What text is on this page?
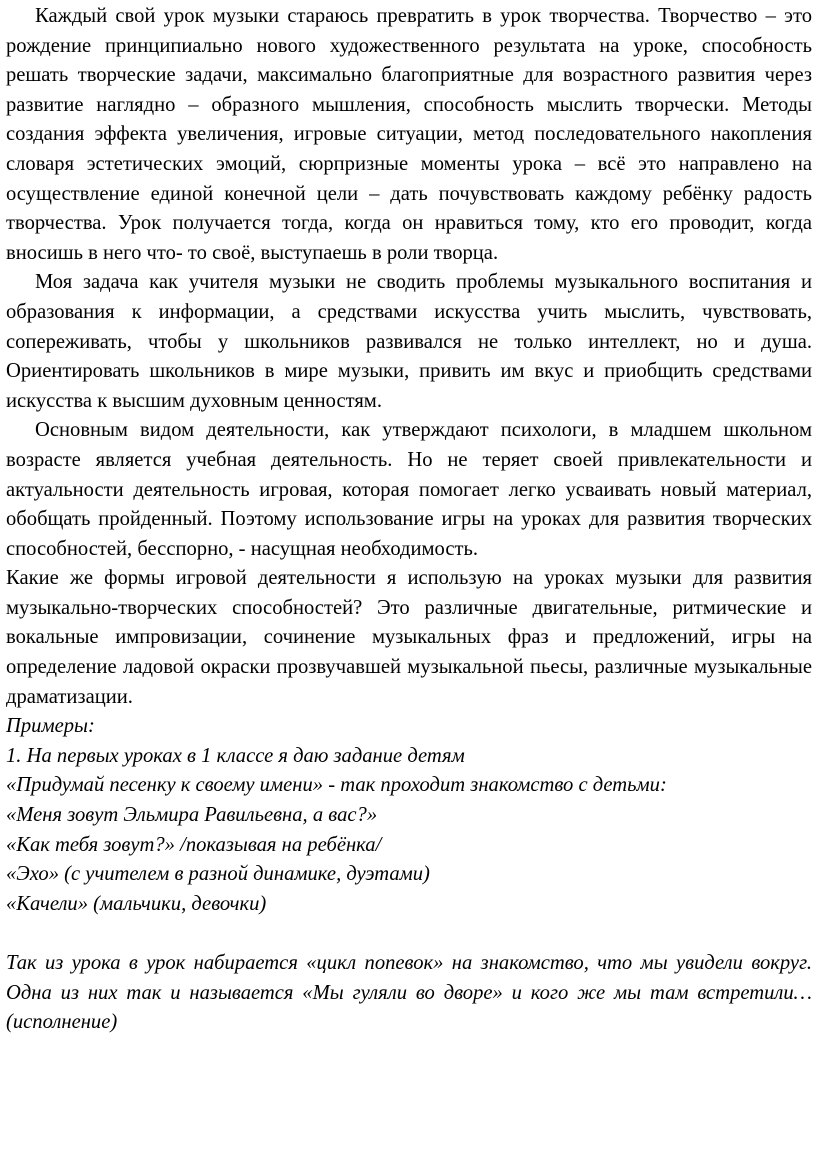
Каждый свой урок музыки стараюсь превратить в урок творчества. Творчество – это рождение принципиально нового художественного результата на уроке, способность решать творческие задачи, максимально благоприятные для возрастного развития через развитие наглядно – образного мышления, способность мыслить творчески. Методы создания эффекта увеличения, игровые ситуации, метод последовательного накопления словаря эстетических эмоций, сюрпризные моменты урока – всё это направлено на осуществление единой конечной цели – дать почувствовать каждому ребёнку радость творчества. Урок получается тогда, когда он нравиться тому, кто его проводит, когда вносишь в него что- то своё, выступаешь в роли творца.

Моя задача как учителя музыки не сводить проблемы музыкального воспитания и образования к информации, а средствами искусства учить мыслить, чувствовать, сопереживать, чтобы у школьников развивался не только интеллект, но и душа. Ориентировать школьников в мире музыки, привить им вкус и приобщить средствами искусства к высшим духовным ценностям.

Основным видом деятельности, как утверждают психологи, в младшем школьном возрасте является учебная деятельность. Но не теряет своей привлекательности и актуальности деятельность игровая, которая помогает легко усваивать новый материал, обобщать пройденный. Поэтому использование игры на уроках для развития творческих способностей, бесспорно, - насущная необходимость.

Какие же формы игровой деятельности я использую на уроках музыки для развития музыкально-творческих способностей? Это различные двигательные, ритмические и вокальные импровизации, сочинение музыкальных фраз и предложений, игры на определение ладовой окраски прозвучавшей музыкальной пьесы, различные музыкальные драматизации.

Примеры:

1. На первых уроках в 1 классе я даю задание детям

«Придумай песенку к своему имени» - так проходит знакомство с детьми:

«Меня зовут Эльмира Равильевна, а вас?»

«Как тебя зовут?» /показывая на ребёнка/

«Эхо» (с учителем в разной динамике, дуэтами)

«Качели» (мальчики, девочки)

Так из урока в урок набирается «цикл попевок» на знакомство, что мы увидели вокруг. Одна из них так и называется «Мы гуляли во дворе» и кого же мы там встретили…(исполнение)
